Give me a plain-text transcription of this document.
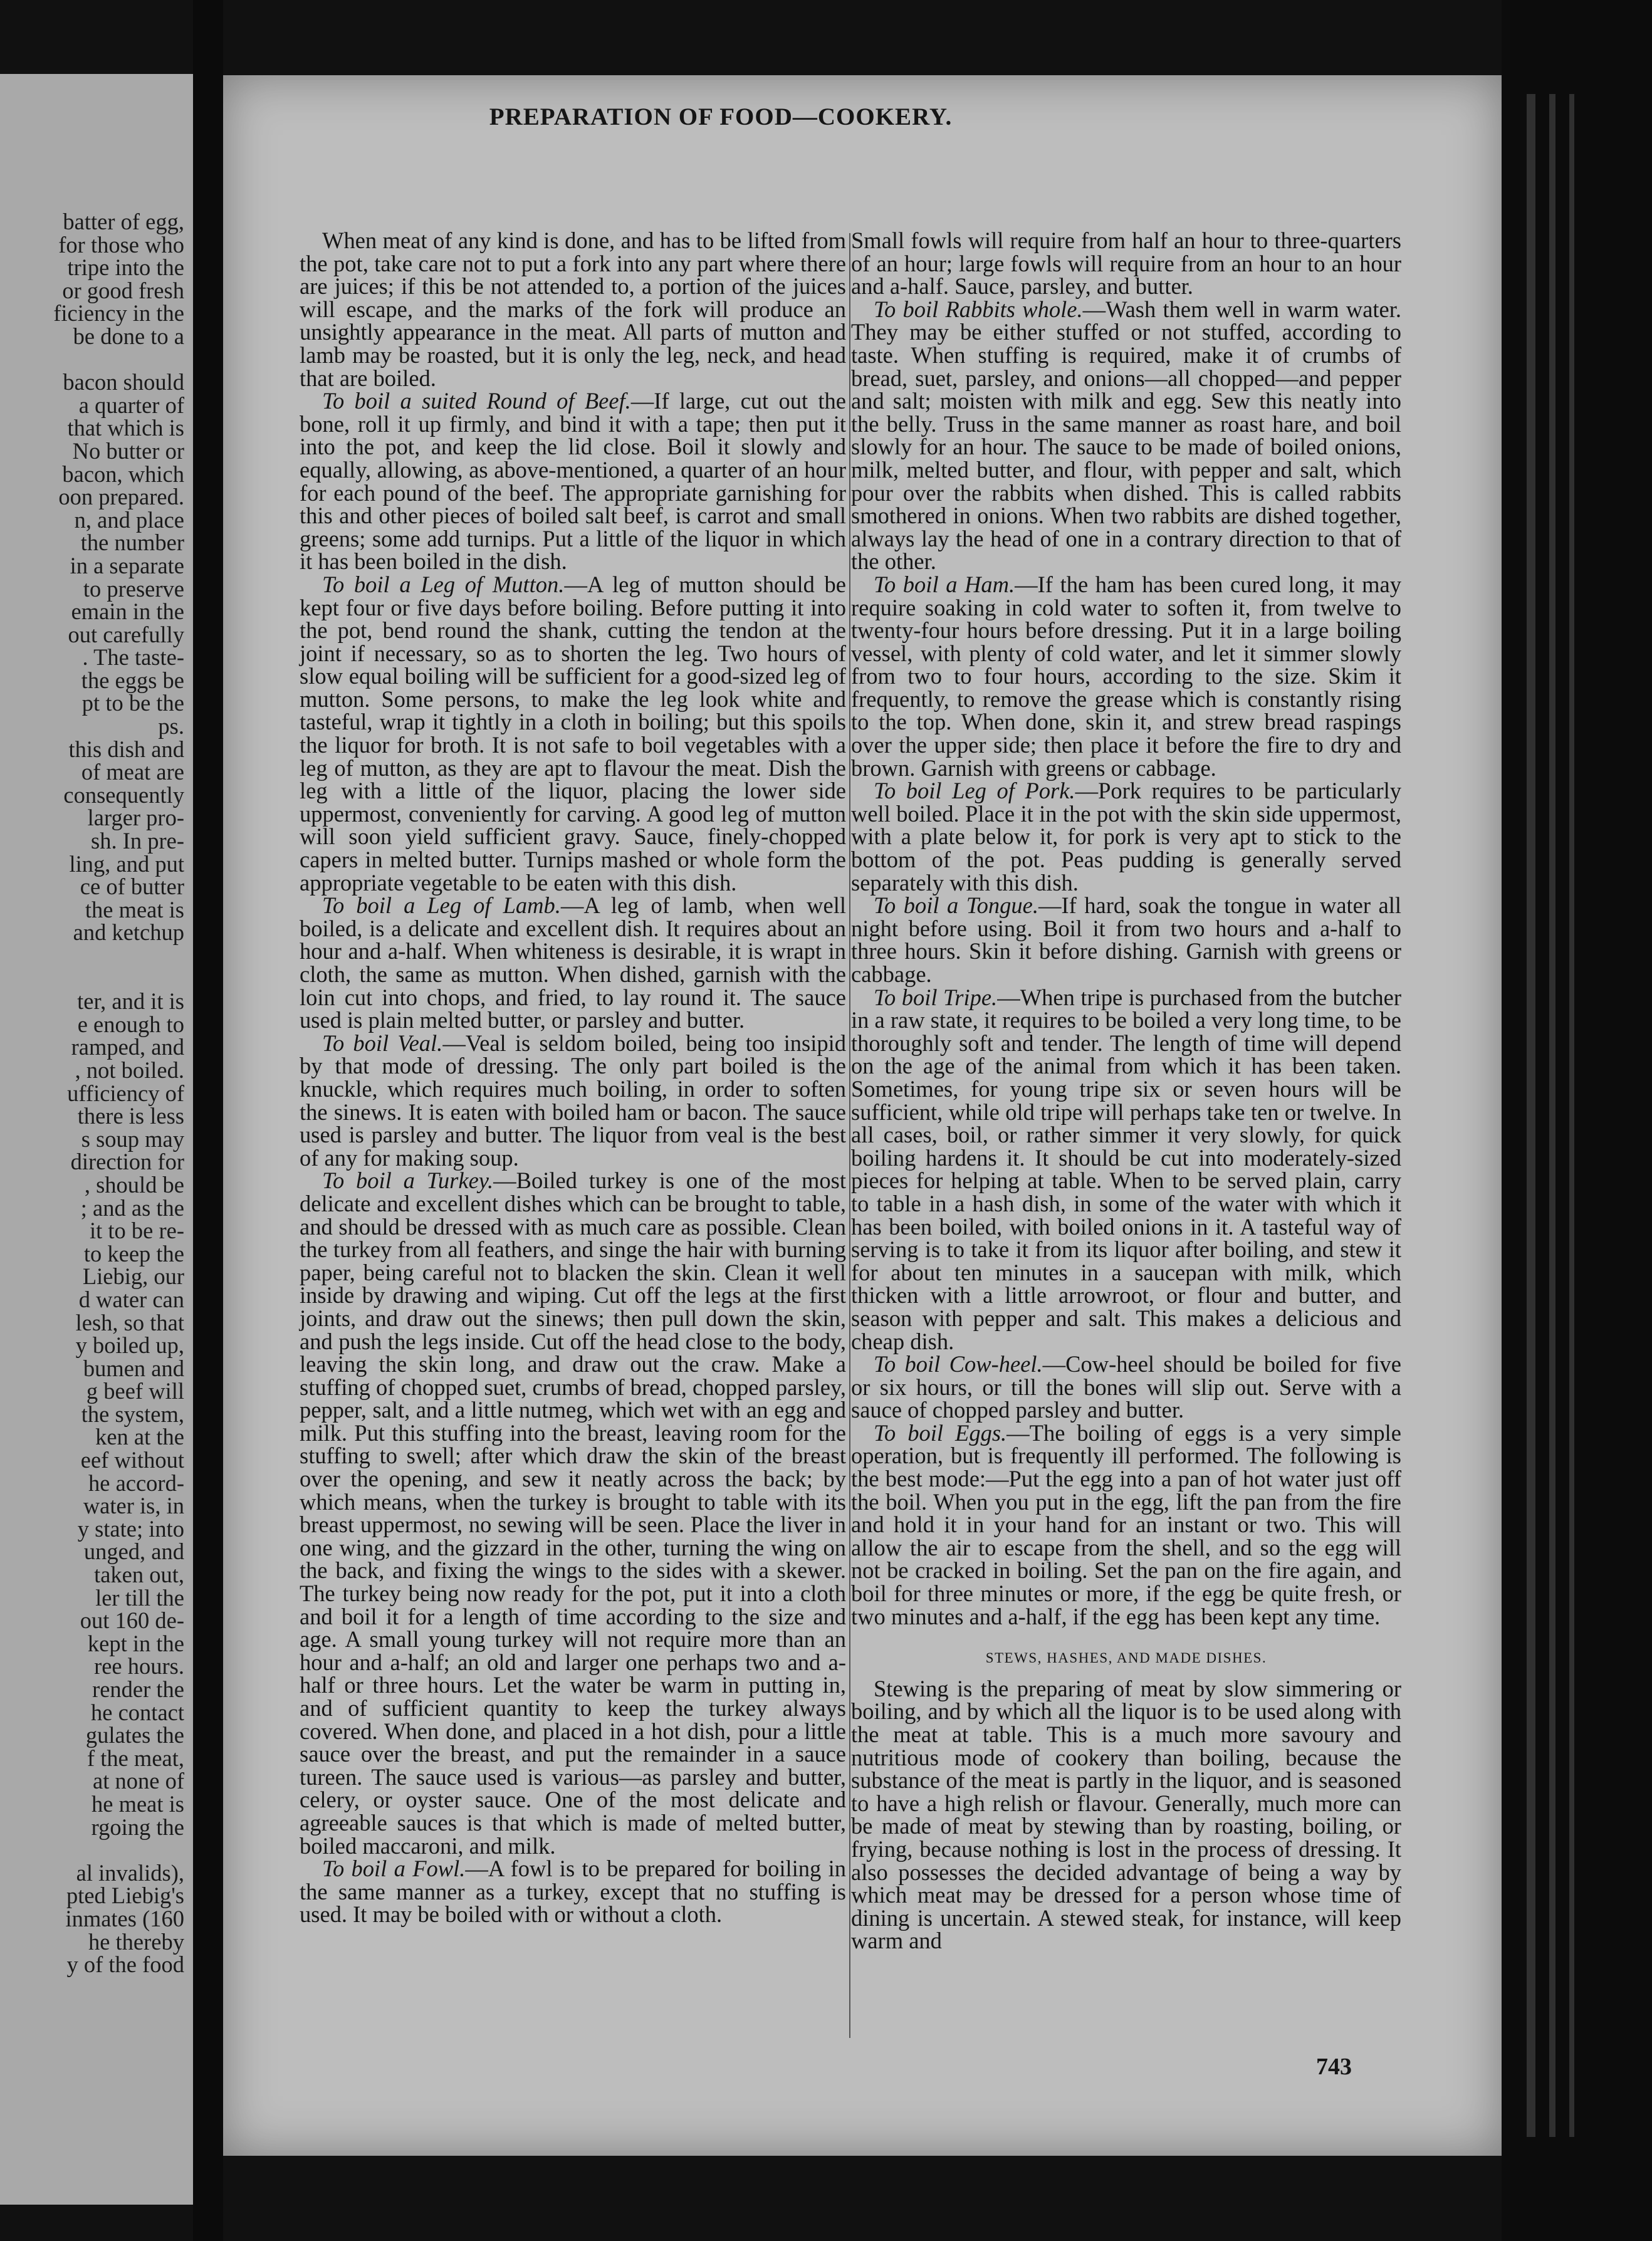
batter of egg,
for those who
tripe into the
or good fresh
ficiency in the
be done to a

bacon should
a quarter of
that which is
No butter or
bacon, which
oon prepared.
n, and place
the number
in a separate
to preserve
emain in the
out carefully
. The taste-
the eggs be
pt to be the
ps.
this dish and
of meat are
consequently
larger pro-
sh. In pre-
ling, and put
ce of butter
the meat is
and ketchup

ter, and it is
e enough to
ramped, and
, not boiled.
ufficiency of
there is less
s soup may
direction for
, should be
; and as the
it to be re-
to keep the
Liebig, our
d water can
lesh, so that
y boiled up,
bumen and
g beef will
the system,
ken at the
eef without
he accord-
water is, in
y state; into
unged, and
taken out,
ler till the
out 160 de-
kept in the
ree hours.
render the
he contact
gulates the
f the meat,
at none of
he meat is
rgoing the

al invalids),
pted Liebig's
inmates (160
he thereby
y of the food
PREPARATION OF FOOD—COOKERY.

When meat of any kind is done, and has to be lifted from the pot, take care not to put a fork into any part where there are juices; if this be not attended to, a portion of the juices will escape, and the marks of the fork will produce an unsightly appearance in the meat. All parts of mutton and lamb may be roasted, but it is only the leg, neck, and head that are boiled.

To boil a suited Round of Beef.—If large, cut out the bone, roll it up firmly, and bind it with a tape; then put it into the pot, and keep the lid close. Boil it slowly and equally, allowing, as above-mentioned, a quarter of an hour for each pound of the beef. The appropriate garnishing for this and other pieces of boiled salt beef, is carrot and small greens; some add turnips. Put a little of the liquor in which it has been boiled in the dish.

To boil a Leg of Mutton.—A leg of mutton should be kept four or five days before boiling. Before putting it into the pot, bend round the shank, cutting the tendon at the joint if necessary, so as to shorten the leg. Two hours of slow equal boiling will be sufficient for a good-sized leg of mutton. Some persons, to make the leg look white and tasteful, wrap it tightly in a cloth in boiling; but this spoils the liquor for broth. It is not safe to boil vegetables with a leg of mutton, as they are apt to flavour the meat. Dish the leg with a little of the liquor, placing the lower side uppermost, conveniently for carving. A good leg of mutton will soon yield sufficient gravy. Sauce, finely-chopped capers in melted butter. Turnips mashed or whole form the appropriate vegetable to be eaten with this dish.

To boil a Leg of Lamb.—A leg of lamb, when well boiled, is a delicate and excellent dish. It requires about an hour and a-half. When whiteness is desirable, it is wrapt in cloth, the same as mutton. When dished, garnish with the loin cut into chops, and fried, to lay round it. The sauce used is plain melted butter, or parsley and butter.

To boil Veal.—Veal is seldom boiled, being too insipid by that mode of dressing. The only part boiled is the knuckle, which requires much boiling, in order to soften the sinews. It is eaten with boiled ham or bacon. The sauce used is parsley and butter. The liquor from veal is the best of any for making soup.

To boil a Turkey.—Boiled turkey is one of the most delicate and excellent dishes which can be brought to table, and should be dressed with as much care as possible. Clean the turkey from all feathers, and singe the hair with burning paper, being careful not to blacken the skin. Clean it well inside by drawing and wiping. Cut off the legs at the first joints, and draw out the sinews; then pull down the skin, and push the legs inside. Cut off the head close to the body, leaving the skin long, and draw out the craw. Make a stuffing of chopped suet, crumbs of bread, chopped parsley, pepper, salt, and a little nutmeg, which wet with an egg and milk. Put this stuffing into the breast, leaving room for the stuffing to swell; after which draw the skin of the breast over the opening, and sew it neatly across the back; by which means, when the turkey is brought to table with its breast uppermost, no sewing will be seen. Place the liver in one wing, and the gizzard in the other, turning the wing on the back, and fixing the wings to the sides with a skewer. The turkey being now ready for the pot, put it into a cloth and boil it for a length of time according to the size and age. A small young turkey will not require more than an hour and a-half; an old and larger one perhaps two and a-half or three hours. Let the water be warm in putting in, and of sufficient quantity to keep the turkey always covered. When done, and placed in a hot dish, pour a little sauce over the breast, and put the remainder in a sauce tureen. The sauce used is various—as parsley and butter, celery, or oyster sauce. One of the most delicate and agreeable sauces is that which is made of melted butter, boiled maccaroni, and milk.

To boil a Fowl.—A fowl is to be prepared for boiling in the same manner as a turkey, except that no stuffing is used. It may be boiled with or without a cloth.

Small fowls will require from half an hour to three-quarters of an hour; large fowls will require from an hour to an hour and a-half. Sauce, parsley, and butter.

To boil Rabbits whole.—Wash them well in warm water. They may be either stuffed or not stuffed, according to taste. When stuffing is required, make it of crumbs of bread, suet, parsley, and onions—all chopped—and pepper and salt; moisten with milk and egg. Sew this neatly into the belly. Truss in the same manner as roast hare, and boil slowly for an hour. The sauce to be made of boiled onions, milk, melted butter, and flour, with pepper and salt, which pour over the rabbits when dished. This is called rabbits smothered in onions. When two rabbits are dished together, always lay the head of one in a contrary direction to that of the other.

To boil a Ham.—If the ham has been cured long, it may require soaking in cold water to soften it, from twelve to twenty-four hours before dressing. Put it in a large boiling vessel, with plenty of cold water, and let it simmer slowly from two to four hours, according to the size. Skim it frequently, to remove the grease which is constantly rising to the top. When done, skin it, and strew bread raspings over the upper side; then place it before the fire to dry and brown. Garnish with greens or cabbage.

To boil Leg of Pork.—Pork requires to be particularly well boiled. Place it in the pot with the skin side uppermost, with a plate below it, for pork is very apt to stick to the bottom of the pot. Peas pudding is generally served separately with this dish.

To boil a Tongue.—If hard, soak the tongue in water all night before using. Boil it from two hours and a-half to three hours. Skin it before dishing. Garnish with greens or cabbage.

To boil Tripe.—When tripe is purchased from the butcher in a raw state, it requires to be boiled a very long time, to be thoroughly soft and tender. The length of time will depend on the age of the animal from which it has been taken. Sometimes, for young tripe six or seven hours will be sufficient, while old tripe will perhaps take ten or twelve. In all cases, boil, or rather simmer it very slowly, for quick boiling hardens it. It should be cut into moderately-sized pieces for helping at table. When to be served plain, carry to table in a hash dish, in some of the water with which it has been boiled, with boiled onions in it. A tasteful way of serving is to take it from its liquor after boiling, and stew it for about ten minutes in a saucepan with milk, which thicken with a little arrowroot, or flour and butter, and season with pepper and salt. This makes a delicious and cheap dish.

To boil Cow-heel.—Cow-heel should be boiled for five or six hours, or till the bones will slip out. Serve with a sauce of chopped parsley and butter.

To boil Eggs.—The boiling of eggs is a very simple operation, but is frequently ill performed. The following is the best mode:—Put the egg into a pan of hot water just off the boil. When you put in the egg, lift the pan from the fire and hold it in your hand for an instant or two. This will allow the air to escape from the shell, and so the egg will not be cracked in boiling. Set the pan on the fire again, and boil for three minutes or more, if the egg be quite fresh, or two minutes and a-half, if the egg has been kept any time.

STEWS, HASHES, AND MADE DISHES.

Stewing is the preparing of meat by slow simmering or boiling, and by which all the liquor is to be used along with the meat at table. This is a much more savoury and nutritious mode of cookery than boiling, because the substance of the meat is partly in the liquor, and is seasoned to have a high relish or flavour. Generally, much more can be made of meat by stewing than by roasting, boiling, or frying, because nothing is lost in the process of dressing. It also possesses the decided advantage of being a way by which meat may be dressed for a person whose time of dining is uncertain. A stewed steak, for instance, will keep warm and

743
